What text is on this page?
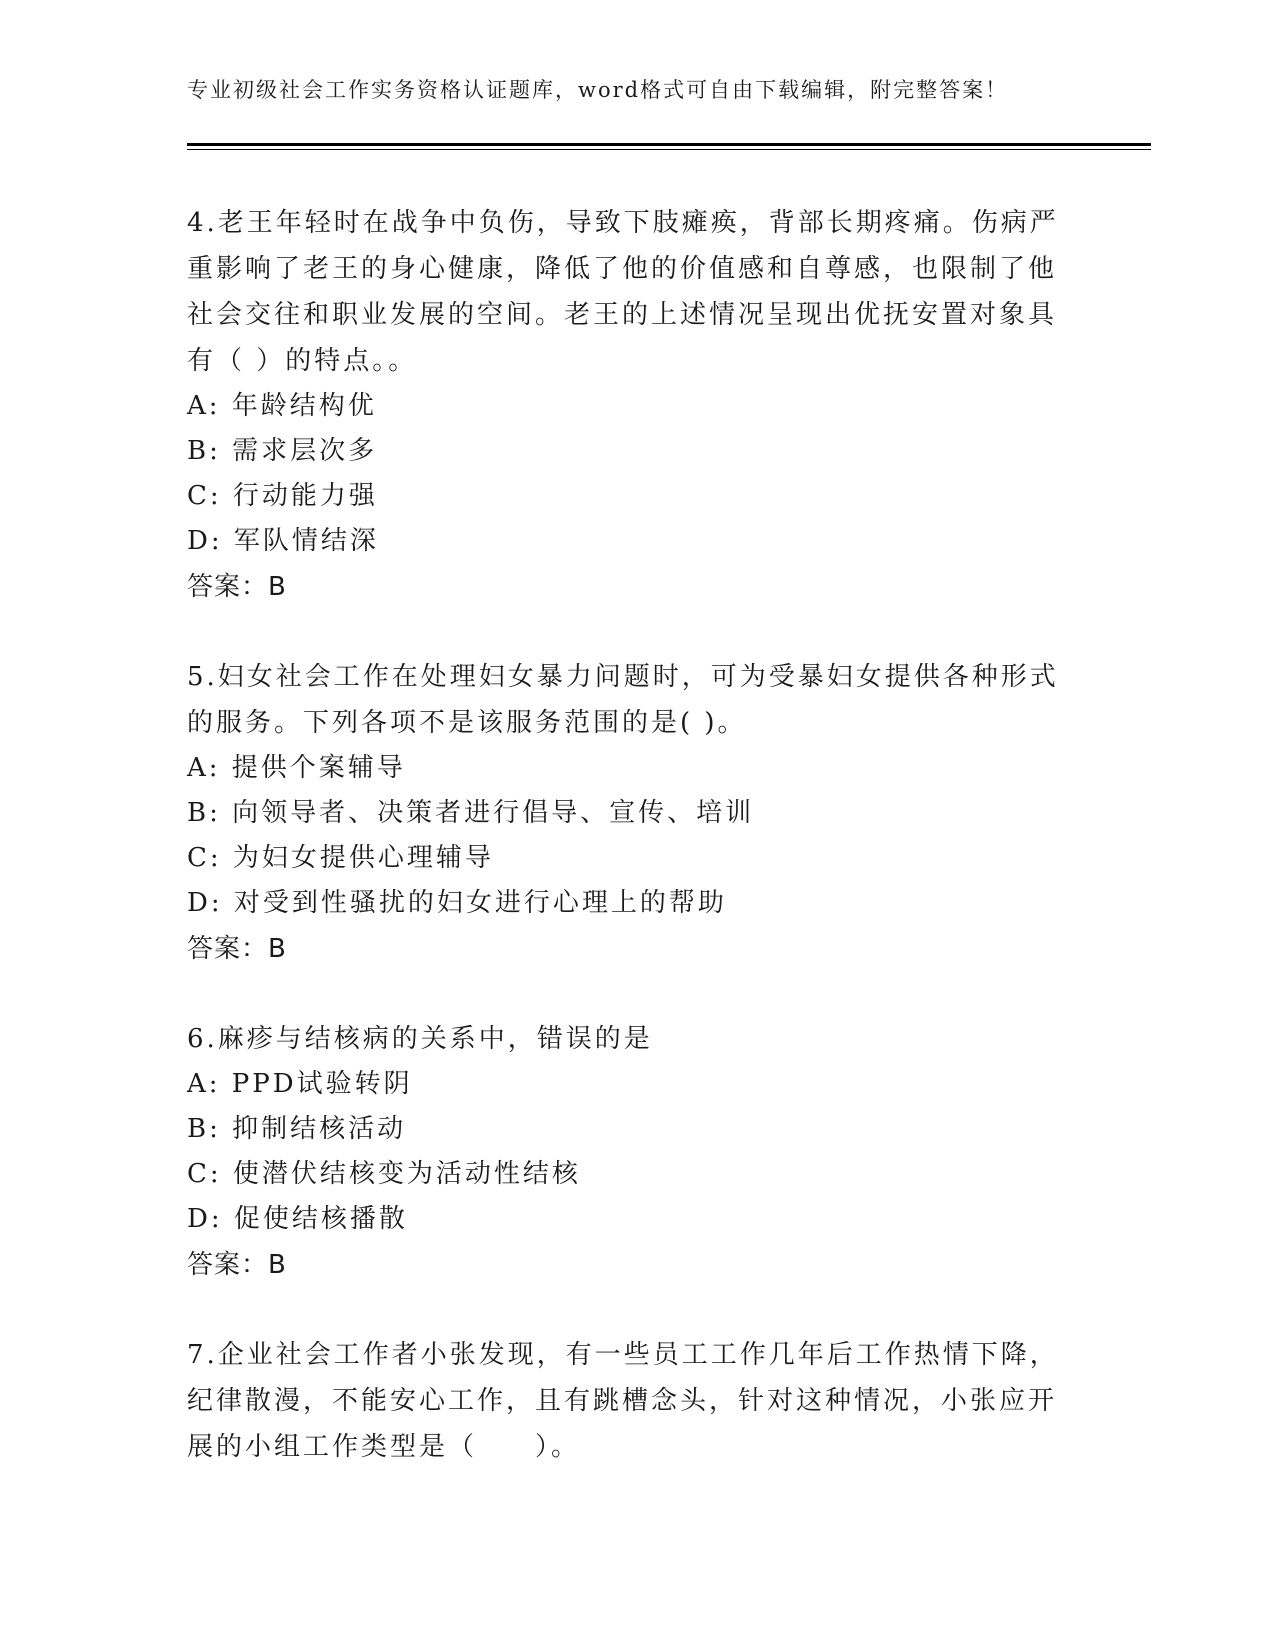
专业初级社会工作实务资格认证题库，word格式可自由下载编辑，附完整答案！

4.老王年轻时在战争中负伤，导致下肢瘫痪，背部长期疼痛。伤病严重影响了老王的身心健康，降低了他的价值感和自尊感，也限制了他社会交往和职业发展的空间。老王的上述情况呈现出优抚安置对象具有（ ）的特点。。

A: 年龄结构优

B: 需求层次多

C: 行动能力强

D: 军队情结深

答案：B

5.妇女社会工作在处理妇女暴力问题时，可为受暴妇女提供各种形式的服务。下列各项不是该服务范围的是( )。

A: 提供个案辅导

B: 向领导者、决策者进行倡导、宣传、培训

C: 为妇女提供心理辅导

D: 对受到性骚扰的妇女进行心理上的帮助

答案：B

6.麻疹与结核病的关系中，错误的是

A: PPD试验转阴

B: 抑制结核活动

C: 使潜伏结核变为活动性结核

D: 促使结核播散

答案：B

7.企业社会工作者小张发现，有一些员工工作几年后工作热情下降，纪律散漫，不能安心工作，且有跳槽念头，针对这种情况，小张应开展的小组工作类型是（　　）。
